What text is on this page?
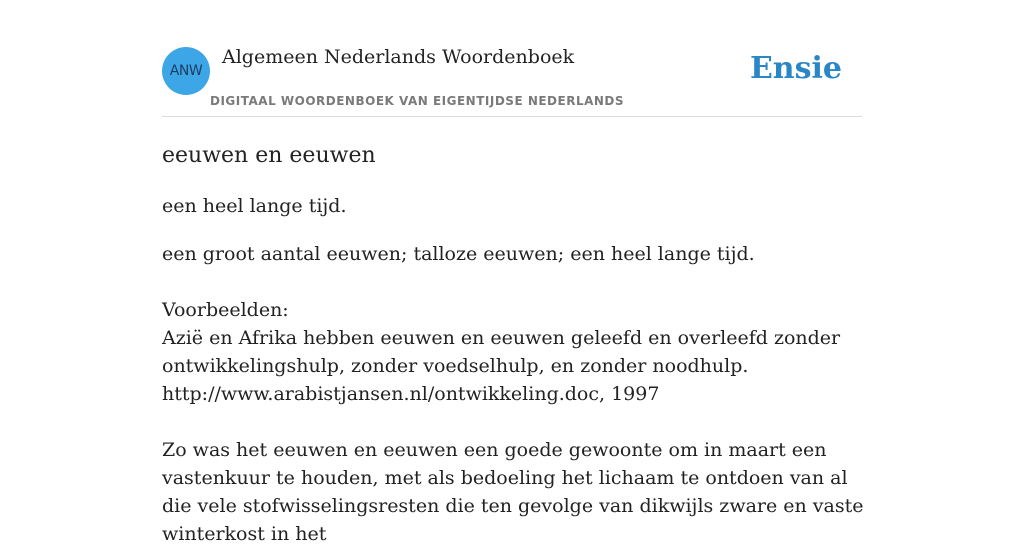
ANW
Algemeen Nederlands Woordenboek
DIGITAAL WOORDENBOEK VAN EIGENTIJDSE NEDERLANDS
Ensie
eeuwen en eeuwen

een heel lange tijd.

een groot aantal eeuwen; talloze eeuwen; een heel lange tijd.

Voorbeelden:

Azië en Afrika hebben eeuwen en eeuwen geleefd en overleefd zonder ontwikkelingshulp, zonder voedselhulp, en zonder noodhulp.

http://www.arabistjansen.nl/ontwikkeling.doc, 1997

Zo was het eeuwen en eeuwen een goede gewoonte om in maart een vastenkuur te houden, met als bedoeling het lichaam te ontdoen van al die vele stofwisselingsresten die ten gevolge van dikwijls zware en vaste winterkost in het
